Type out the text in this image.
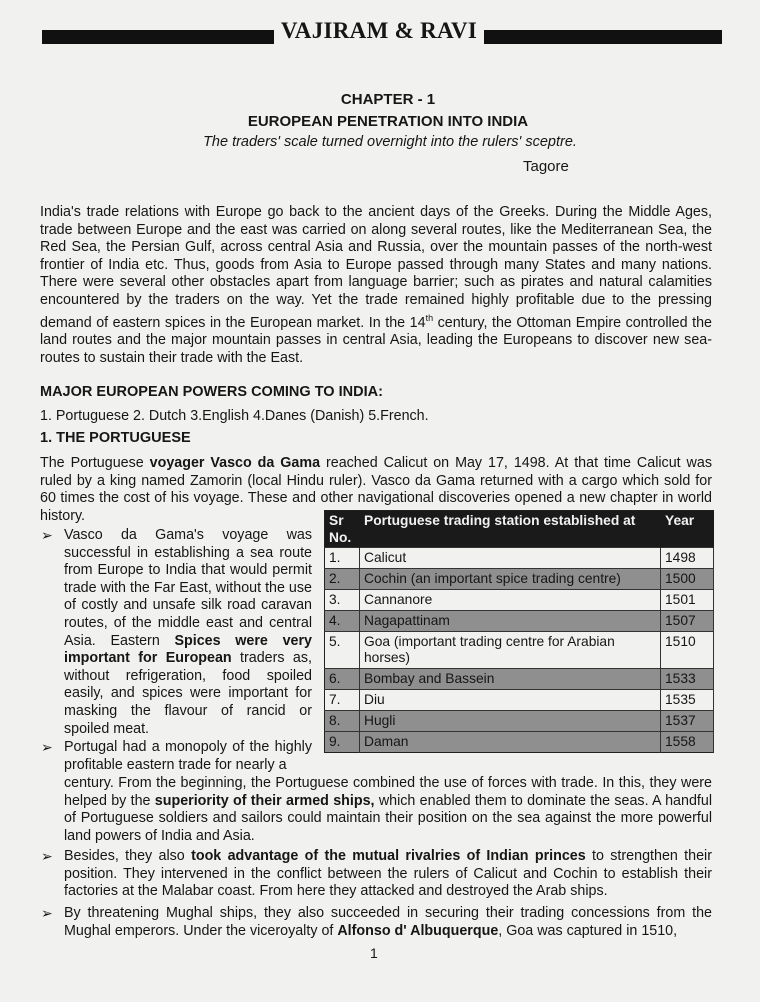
VAJIRAM & RAVI
CHAPTER - 1
EUROPEAN PENETRATION INTO INDIA
The traders' scale turned overnight into the rulers' sceptre.
Tagore
India's trade relations with Europe go back to the ancient days of the Greeks. During the Middle Ages, trade between Europe and the east was carried on along several routes, like the Mediterranean Sea, the Red Sea, the Persian Gulf, across central Asia and Russia, over the mountain passes of the north-west frontier of India etc. Thus, goods from Asia to Europe passed through many States and many nations. There were several other obstacles apart from language barrier; such as pirates and natural calamities encountered by the traders on the way. Yet the trade remained highly profitable due to the pressing demand of eastern spices in the European market. In the 14th century, the Ottoman Empire controlled the land routes and the major mountain passes in central Asia, leading the Europeans to discover new sea-routes to sustain their trade with the East.
MAJOR EUROPEAN POWERS COMING TO INDIA:
1. Portuguese 2. Dutch 3.English 4.Danes (Danish) 5.French.
1. THE PORTUGUESE
The Portuguese voyager Vasco da Gama reached Calicut on May 17, 1498. At that time Calicut was ruled by a king named Zamorin (local Hindu ruler). Vasco da Gama returned with a cargo which sold for 60 times the cost of his voyage. These and other navigational discoveries opened a new chapter in world history.
➢ Vasco da Gama's voyage was successful in establishing a sea route from Europe to India that would permit trade with the Far East, without the use of costly and unsafe silk road caravan routes, of the middle east and central Asia. Eastern Spices were very important for European traders as, without refrigeration, food spoiled easily, and spices were important for masking the flavour of rancid or spoiled meat.
➢ Portugal had a monopoly of the highly profitable eastern trade for nearly a
century. From the beginning, the Portuguese combined the use of forces with trade. In this, they were helped by the superiority of their armed ships, which enabled them to dominate the seas. A handful of Portuguese soldiers and sailors could maintain their position on the sea against the more powerful land powers of India and Asia.
➢ Besides, they also took advantage of the mutual rivalries of Indian princes to strengthen their position. They intervened in the conflict between the rulers of Calicut and Cochin to establish their factories at the Malabar coast. From here they attacked and destroyed the Arab ships.
➢ By threatening Mughal ships, they also succeeded in securing their trading concessions from the Mughal emperors. Under the viceroyalty of Alfonso d' Albuquerque, Goa was captured in 1510,
Sr No.	Portuguese trading station established at	Year
1.	Calicut	1498
2.	Cochin (an important spice trading centre)	1500
3.	Cannanore	1501
4.	Nagapattinam	1507
5.	Goa (important trading centre for Arabian horses)	1510
6.	Bombay and Bassein	1533
7.	Diu	1535
8.	Hugli	1537
9.	Daman	1558
1
